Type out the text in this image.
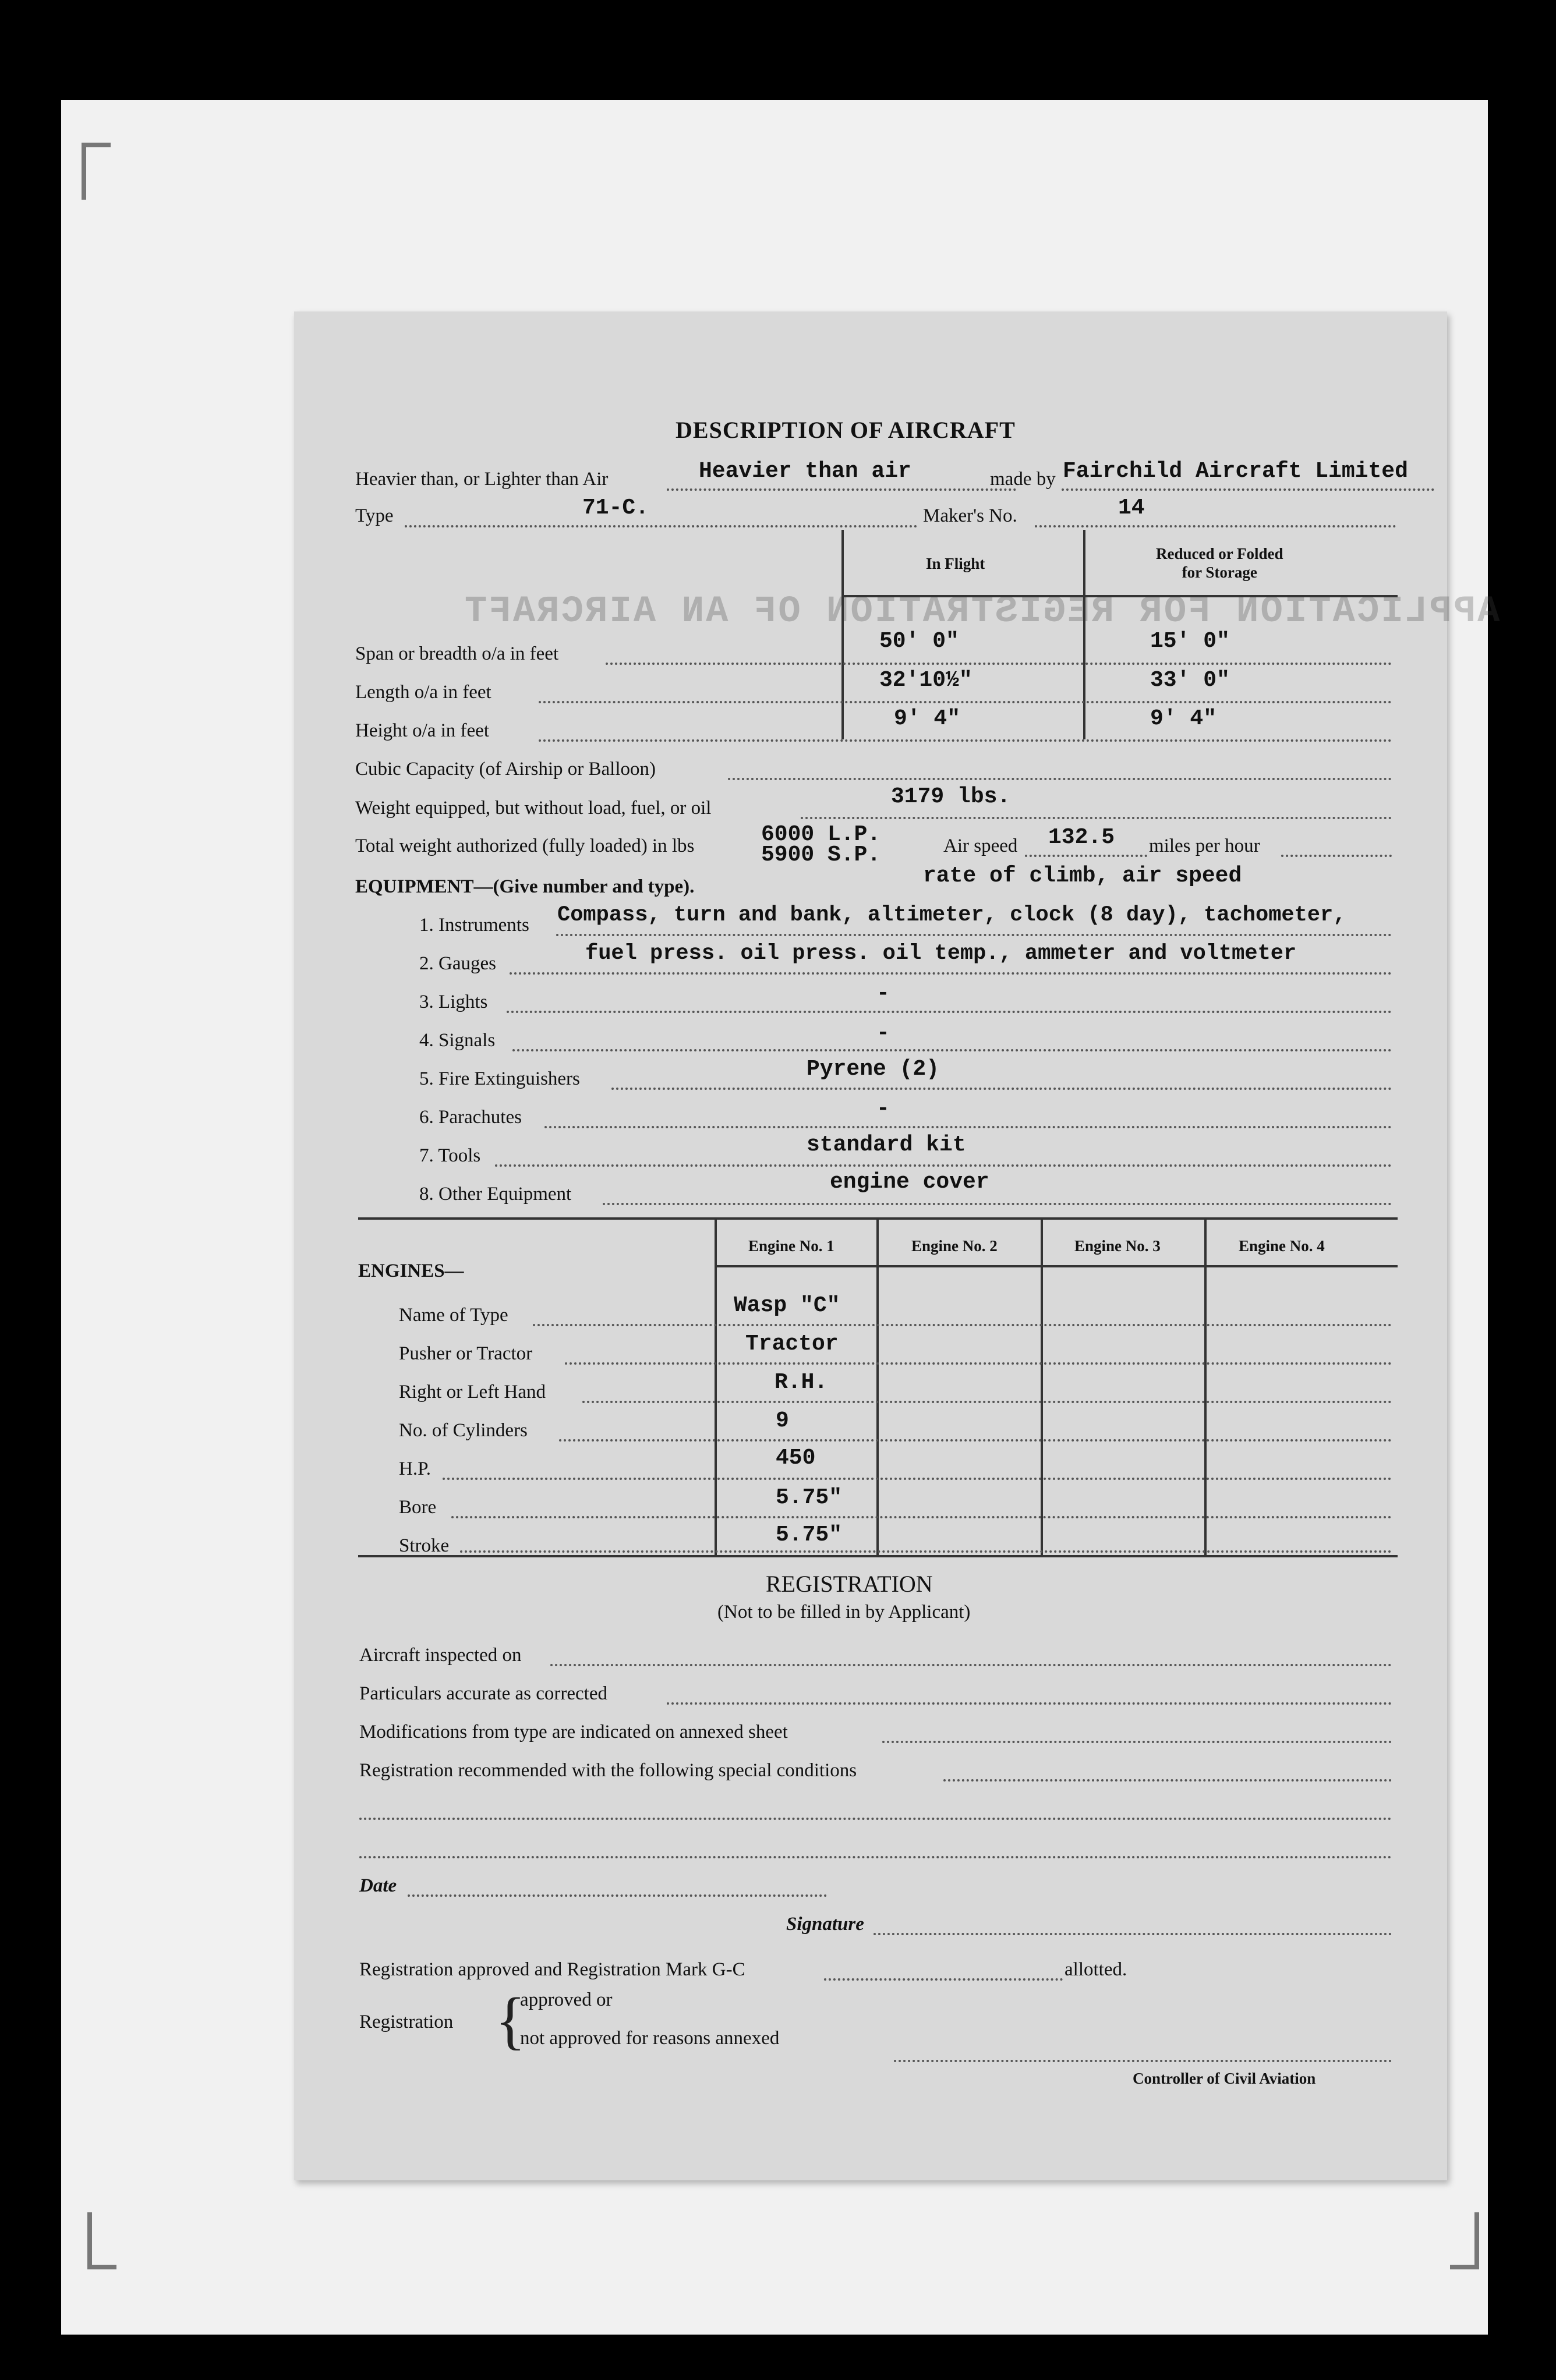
APPLICATION FOR REGISTRATION OF AN AIRCRAFT
DESCRIPTION OF AIRCRAFT
Heavier than, or Lighter than Air	Heavier than air	made by Fairchild Aircraft Limited
Type	71-C.	Maker's No.	14
In Flight
Reduced or Folded
for Storage
Span or breadth o/a in feet	50' 0"	15' 0"
Length o/a in feet	32'10½"	33' 0"
Height o/a in feet	9' 4"	9' 4"
Cubic Capacity (of Airship or Balloon)
Weight equipped, but without load, fuel, or oil	3179 lbs.
Total weight authorized (fully loaded) in lbs	6000 L.P.
5900 S.P.	Air speed 132.5 miles per hour
EQUIPMENT—(Give number and type).	rate of climb, air speed
1. Instruments Compass, turn and bank, altimeter, clock (8 day), tachometer,
2. Gauges	fuel press. oil press. oil temp., ammeter and voltmeter
3. Lights	-
4. Signals	-
5. Fire Extinguishers	Pyrene (2)
6. Parachutes	-
7. Tools	standard kit
8. Other Equipment	engine cover
Engine No. 1	Engine No. 2	Engine No. 3	Engine No. 4
ENGINES—
Name of Type	Wasp "C"
Pusher or Tractor	Tractor
Right or Left Hand	R.H.
No. of Cylinders	9
H.P.	450
Bore	5.75"
Stroke	5.75"
REGISTRATION
(Not to be filled in by Applicant)
Aircraft inspected on
Particulars accurate as corrected
Modifications from type are indicated on annexed sheet
Registration recommended with the following special conditions
Date
Signature
Registration approved and Registration Mark G-C	allotted.
Registration {
approved or
not approved for reasons annexed
Controller of Civil Aviation
